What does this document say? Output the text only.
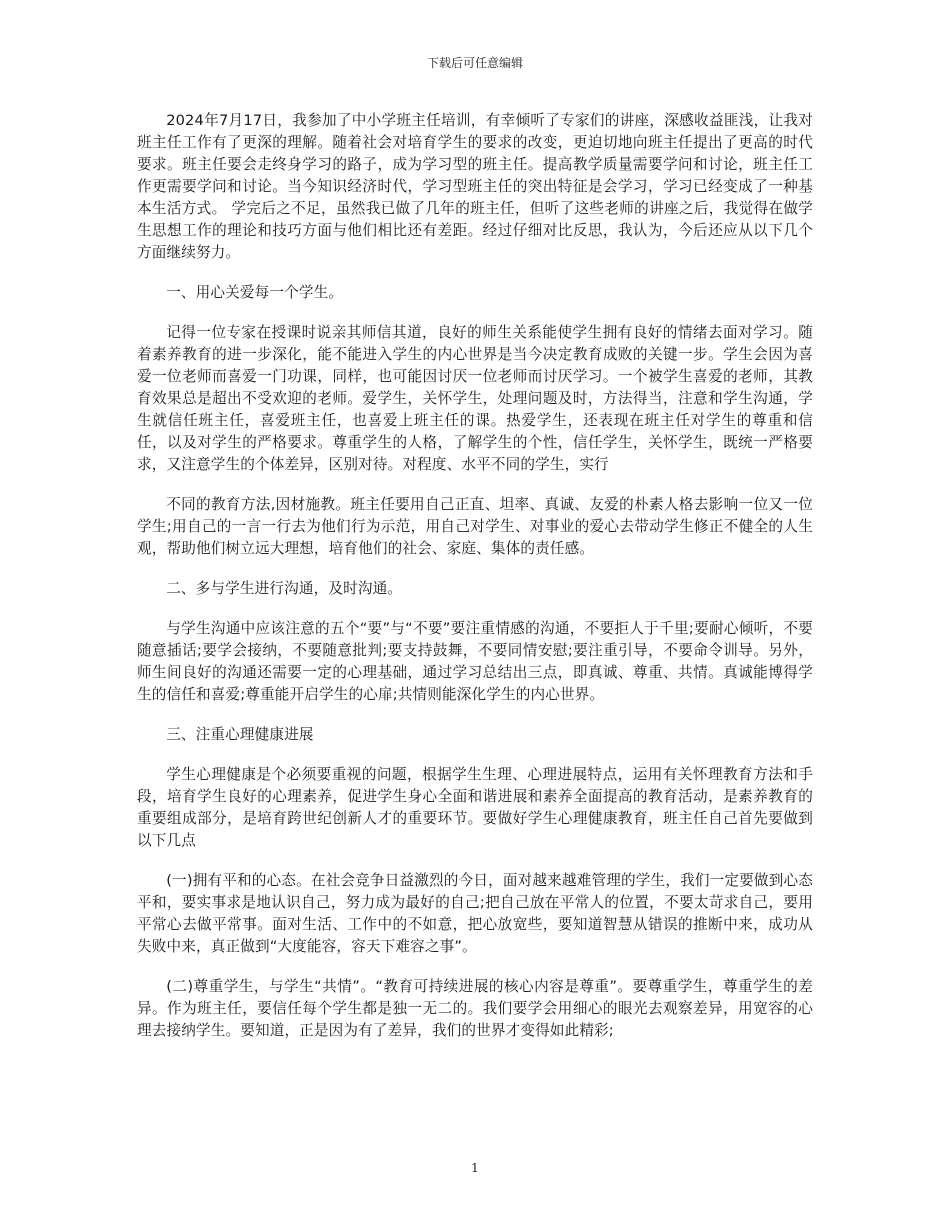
下载后可任意编辑

2024年7月17日，我参加了中小学班主任培训，有幸倾听了专家们的讲座，深感收益匪浅，让我对班主任工作有了更深的理解。随着社会对培育学生的要求的改变，更迫切地向班主任提出了更高的时代要求。班主任要会走终身学习的路子，成为学习型的班主任。提高教学质量需要学问和讨论，班主任工作更需要学问和讨论。当今知识经济时代，学习型班主任的突出特征是会学习，学习已经变成了一种基本生活方式。 学完后之不足，虽然我已做了几年的班主任，但听了这些老师的讲座之后，我觉得在做学生思想工作的理论和技巧方面与他们相比还有差距。经过仔细对比反思，我认为，今后还应从以下几个方面继续努力。

一、用心关爱每一个学生。

记得一位专家在授课时说亲其师信其道，良好的师生关系能使学生拥有良好的情绪去面对学习。随着素养教育的进一步深化，能不能进入学生的内心世界是当今决定教育成败的关键一步。学生会因为喜爱一位老师而喜爱一门功课，同样，也可能因讨厌一位老师而讨厌学习。一个被学生喜爱的老师，其教育效果总是超出不受欢迎的老师。爱学生，关怀学生，处理问题及时，方法得当，注意和学生沟通，学生就信任班主任，喜爱班主任，也喜爱上班主任的课。热爱学生，还表现在班主任对学生的尊重和信任，以及对学生的严格要求。尊重学生的人格，了解学生的个性，信任学生，关怀学生，既统一严格要求，又注意学生的个体差异，区别对待。对程度、水平不同的学生，实行

不同的教育方法,因材施教。班主任要用自己正直、坦率、真诚、友爱的朴素人格去影响一位又一位学生;用自己的一言一行去为他们行为示范，用自己对学生、对事业的爱心去带动学生修正不健全的人生观，帮助他们树立远大理想，培育他们的社会、家庭、集体的责任感。

二、多与学生进行沟通，及时沟通。

与学生沟通中应该注意的五个“要”与“不要”要注重情感的沟通，不要拒人于千里;要耐心倾听，不要随意插话;要学会接纳，不要随意批判;要支持鼓舞，不要同情安慰;要注重引导，不要命令训导。另外，师生间良好的沟通还需要一定的心理基础，通过学习总结出三点，即真诚、尊重、共情。真诚能博得学生的信任和喜爱;尊重能开启学生的心扉;共情则能深化学生的内心世界。

三、注重心理健康进展

学生心理健康是个必须要重视的问题，根据学生生理、心理进展特点，运用有关怀理教育方法和手段，培育学生良好的心理素养，促进学生身心全面和谐进展和素养全面提高的教育活动，是素养教育的重要组成部分，是培育跨世纪创新人才的重要环节。要做好学生心理健康教育，班主任自己首先要做到以下几点

(一)拥有平和的心态。在社会竞争日益激烈的今日，面对越来越难管理的学生，我们一定要做到心态平和，要实事求是地认识自己，努力成为最好的自己;把自己放在平常人的位置，不要太苛求自己，要用平常心去做平常事。面对生活、工作中的不如意，把心放宽些，要知道智慧从错误的推断中来，成功从失败中来，真正做到“大度能容，容天下难容之事”。

(二)尊重学生，与学生“共情”。“教育可持续进展的核心内容是尊重”。要尊重学生，尊重学生的差异。作为班主任，要信任每个学生都是独一无二的。我们要学会用细心的眼光去观察差异，用宽容的心理去接纳学生。要知道，正是因为有了差异，我们的世界才变得如此精彩;

1
